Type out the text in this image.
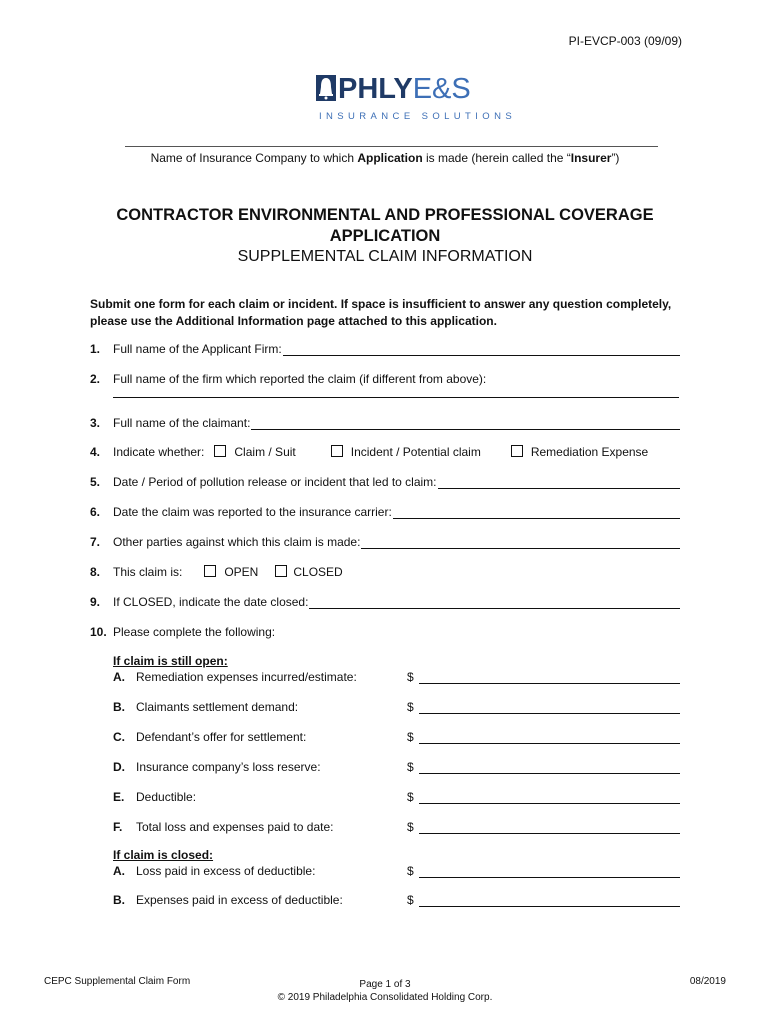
PI-EVCP-003 (09/09)
PHLYE&S
INSURANCE SOLUTIONS
Name of Insurance Company to which Application is made (herein called the “Insurer”)
CONTRACTOR ENVIRONMENTAL AND PROFESSIONAL COVERAGE
APPLICATION
SUPPLEMENTAL CLAIM INFORMATION
Submit one form for each claim or incident. If space is insufficient to answer any question completely, please use the Additional Information page attached to this application.
1.	Full name of the Applicant Firm:
2.	Full name of the firm which reported the claim (if different from above):
3.	Full name of the claimant:
4.	Indicate whether:	Claim / Suit	Incident / Potential claim	Remediation Expense
5.	Date / Period of pollution release or incident that led to claim:
6.	Date the claim was reported to the insurance carrier:
7.	Other parties against which this claim is made:
8.	This claim is:	OPEN	CLOSED
9.	If CLOSED, indicate the date closed:
10. Please complete the following:
If claim is still open:
A. Remediation expenses incurred/estimate:	$
B. Claimants settlement demand:	$
C. Defendant’s offer for settlement:	$
D. Insurance company’s loss reserve:	$
E. Deductible:	$
F.	Total loss and expenses paid to date:	$
If claim is closed:
A. Loss paid in excess of deductible:	$
B. Expenses paid in excess of deductible:	$
CEPC Supplemental Claim Form	Page 1 of 3
© 2019 Philadelphia Consolidated Holding Corp.
08/2019
